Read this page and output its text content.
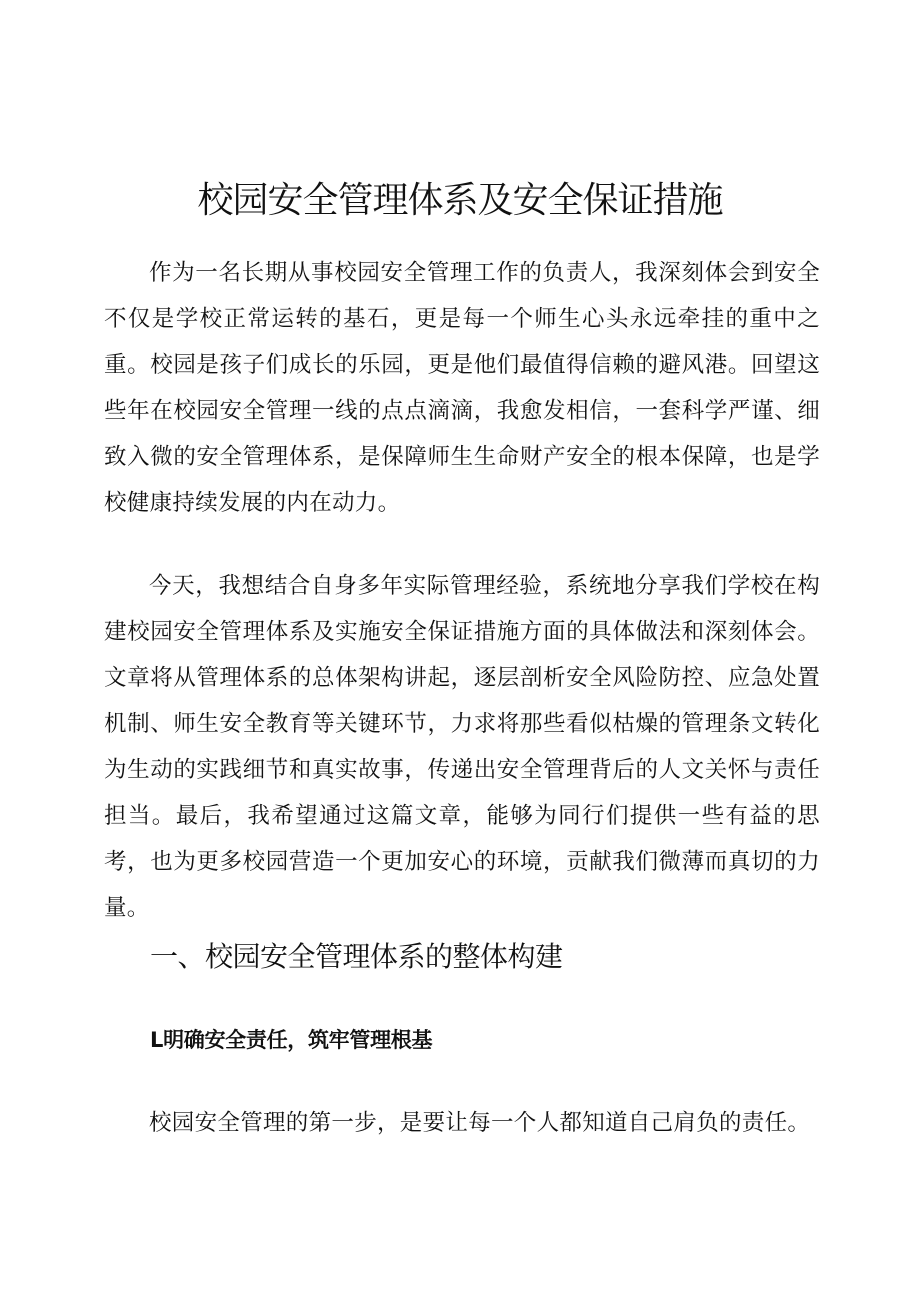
校园安全管理体系及安全保证措施

作为一名长期从事校园安全管理工作的负责人，我深刻体会到安全不仅是学校正常运转的基石，更是每一个师生心头永远牵挂的重中之重。校园是孩子们成长的乐园，更是他们最值得信赖的避风港。回望这些年在校园安全管理一线的点点滴滴，我愈发相信，一套科学严谨、细致入微的安全管理体系，是保障师生生命财产安全的根本保障，也是学校健康持续发展的内在动力。

今天，我想结合自身多年实际管理经验，系统地分享我们学校在构建校园安全管理体系及实施安全保证措施方面的具体做法和深刻体会。文章将从管理体系的总体架构讲起，逐层剖析安全风险防控、应急处置机制、师生安全教育等关键环节，力求将那些看似枯燥的管理条文转化为生动的实践细节和真实故事，传递出安全管理背后的人文关怀与责任担当。最后，我希望通过这篇文章，能够为同行们提供一些有益的思考，也为更多校园营造一个更加安心的环境，贡献我们微薄而真切的力量。

一、校园安全管理体系的整体构建
L明确安全责任，筑牢管理根基

校园安全管理的第一步，是要让每一个人都知道自己肩负的责任。
